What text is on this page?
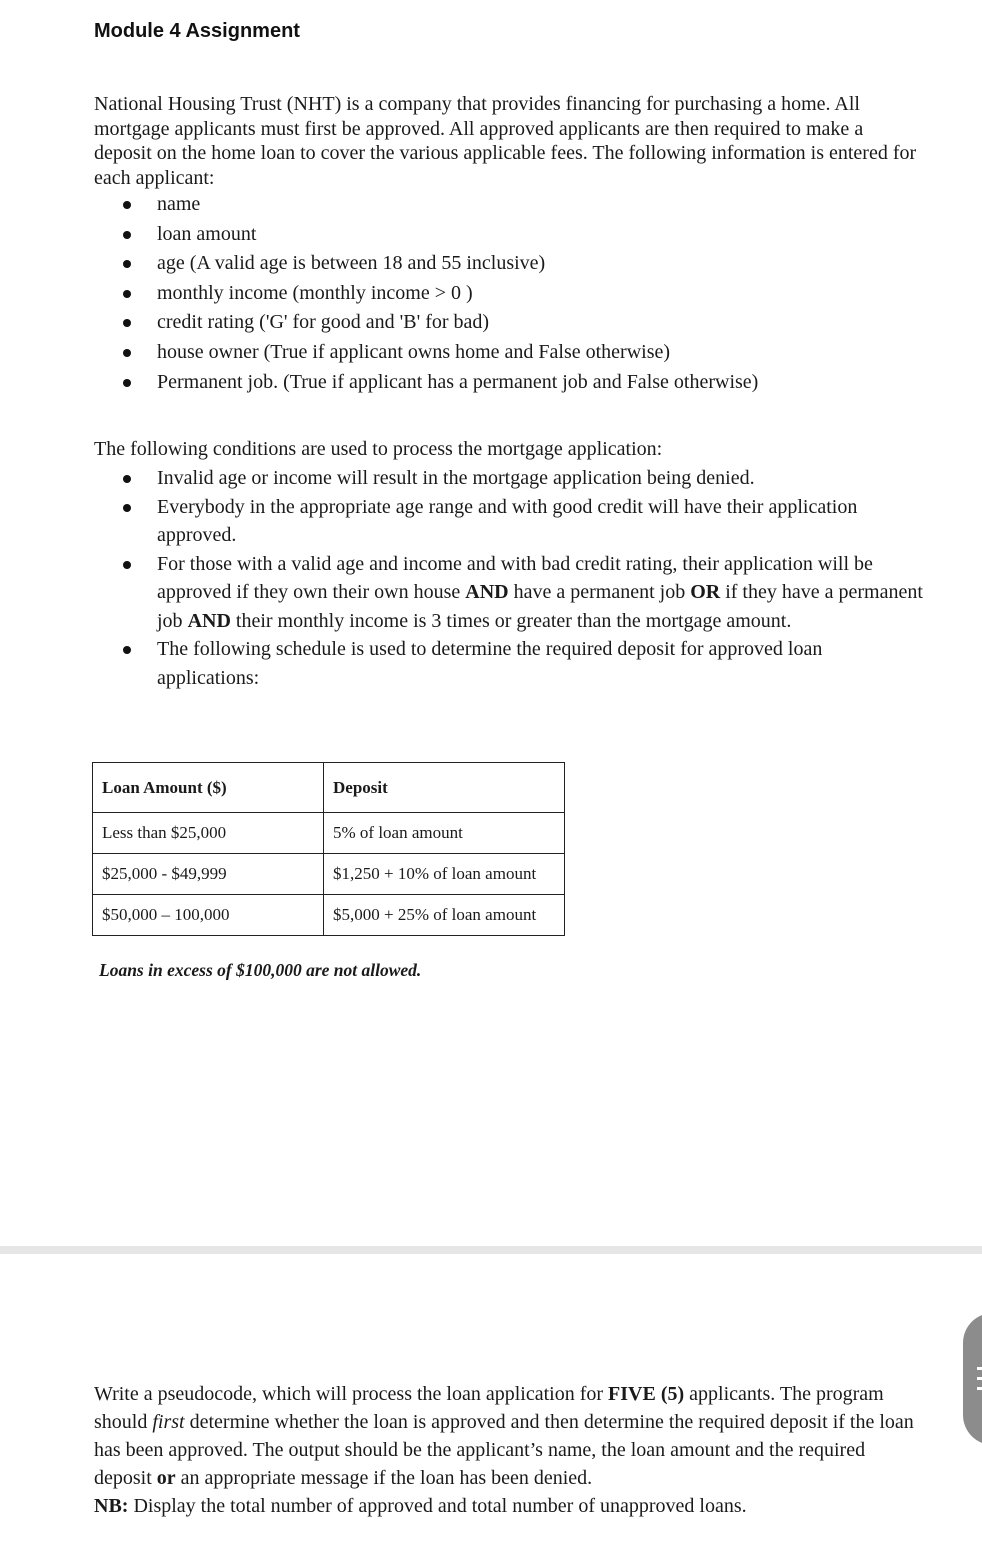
Module 4 Assignment

National Housing Trust (NHT) is a company that provides financing for purchasing a home. All mortgage applicants must first be approved. All approved applicants are then required to make a deposit on the home loan to cover the various applicable fees. The following information is entered for each applicant:

name
loan amount
age (A valid age is between 18 and 55 inclusive)
monthly income (monthly income > 0 )
credit rating ('G' for good and 'B' for bad)
house owner (True if applicant owns home and False otherwise)
Permanent job. (True if applicant has a permanent job and False otherwise)
The following conditions are used to process the mortgage application:
Invalid age or income will result in the mortgage application being denied.
Everybody in the appropriate age range and with good credit will have their application approved.
For those with a valid age and income and with bad credit rating, their application will be approved if they own their own house AND have a permanent job OR if they have a permanent job AND their monthly income is 3 times or greater than the mortgage amount.
The following schedule is used to determine the required deposit for approved loan applications:
Loan Amount ($)	Deposit
Less than $25,000	5% of loan amount
$25,000 - $49,999	$1,250 + 10% of loan amount
$50,000 – 100,000	$5,000 + 25% of loan amount
Loans in excess of $100,000 are not allowed.

Write a pseudocode, which will process the loan application for FIVE (5) applicants. The program should first determine whether the loan is approved and then determine the required deposit if the loan has been approved. The output should be the applicant’s name, the loan amount and the required deposit or an appropriate message if the loan has been denied.
NB: Display the total number of approved and total number of unapproved loans.
